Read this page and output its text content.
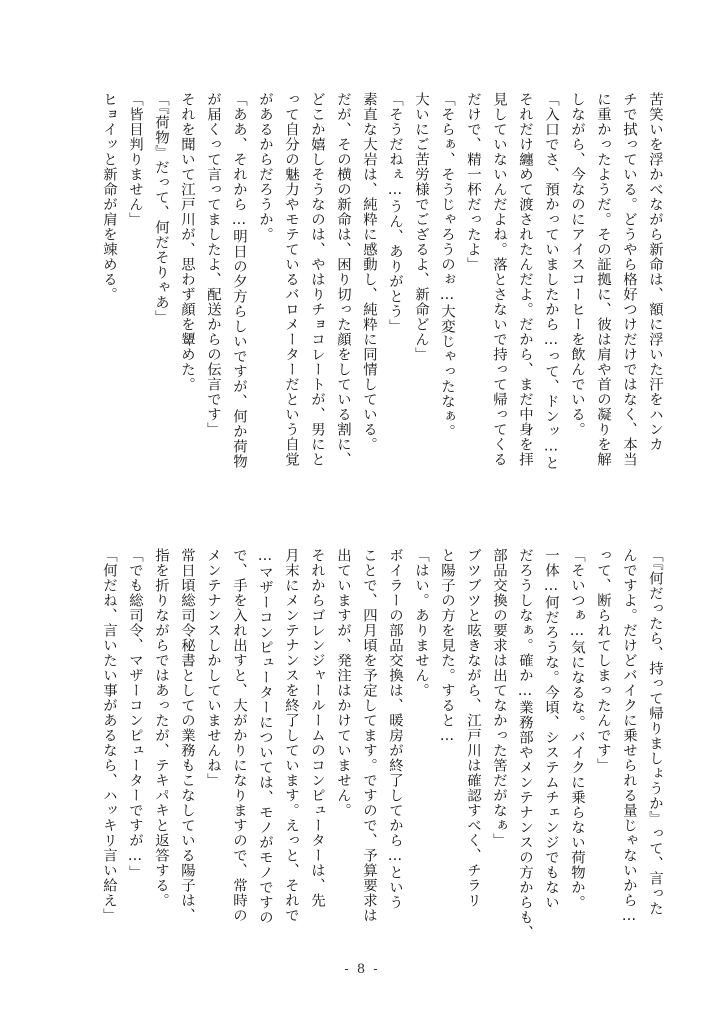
苦笑いを浮かべながら新命は、額に浮いた汗をハンカ
チで拭っている。どうやら格好つけだけではなく、本当
に重かったようだ。その証拠に、彼は肩や首の凝りを解
しながら、今なのにアイスコーヒーを飲んでいる。
「入口でさ、預かっていましたから…って、ドンッ…と
それだけ纏めて渡されたんだよ。だから、まだ中身を拝
見していないんだよね。落とさないで持って帰ってくる
だけで、精一杯だったよ」
「そらぁ、そうじゃろうのぉ…大変じゃったなぁ。
大いにご苦労様でござるよ、新命どん」
「そうだねぇ…うん、ありがとう」
素直な大岩は、純粋に感動し、純粋に同情している。
だが、その横の新命は、困り切った顔をしている割に、
どこか嬉しそうなのは、やはりチョコレートが、男にと
って自分の魅力やモテているバロメーターだという自覚
があるからだろうか。
「ああ、それから…明日の夕方らしいですが、何か荷物
が届くって言ってましたよ、配送からの伝言です」
それを聞いて江戸川が、思わず顔を顰めた。
「『荷物』だって、何だそりゃあ」
「皆目判りません」
ヒョイッと新命が肩を竦める。
「『何だったら、持って帰りましょうか』って、言った
んですよ。だけどバイクに乗せられる量じゃないから…
って、断られてしまったんです」
「そいつぁ…気になるな。バイクに乗らない荷物か。
一体…何だろうな。今頃、システムチェンジでもない
だろうしなぁ。確か…業務部やメンテナンスの方からも、
部品交換の要求は出てなかった筈だがなぁ」
ブツブツと呟きながら、江戸川は確認すべく、チラリ
と陽子の方を見た。すると…
「はい。ありません。
ボイラーの部品交換は、暖房が終了してから…という
ことで、四月頃を予定してます。ですので、予算要求は
出ていますが、発注はかけていません。
それからゴレンジャールームのコンピューターは、先
月末にメンテナンスを終了しています。えっと、それで
…マザーコンピューターについては、モノがモノですの
で、手を入れ出すと、大がかりになりますので、常時の
メンテナンスしかしていませんね」
常日頃総司令秘書としての業務もこなしている陽子は、
指を折りながらではあったが、テキパキと返答する。
「でも総司令、マザーコンピューターですが…」
「何だね、言いたい事があるなら、ハッキリ言い給え」
- 8 -
